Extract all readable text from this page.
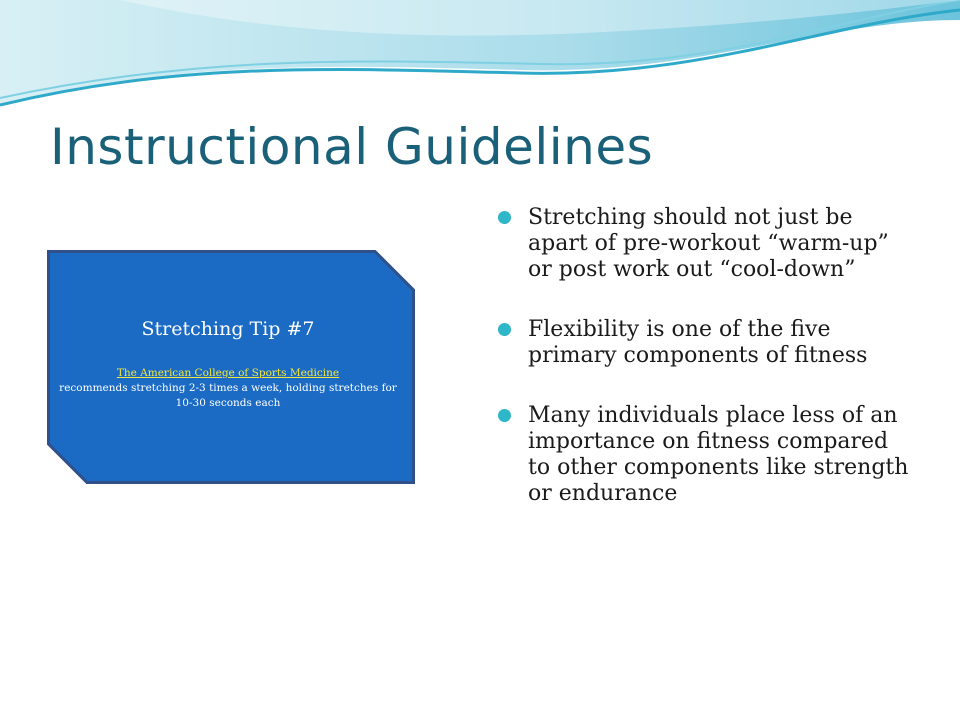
Instructional Guidelines
Stretching Tip #7
The American College of Sports Medicine
recommends stretching 2-3 times a week, holding stretches for 10-30 seconds each
Stretching should not just be apart of pre-workout “warm-up” or post work out “cool-down”
Flexibility is one of the five primary components of fitness
Many individuals place less of an importance on fitness compared to other components like strength or endurance
